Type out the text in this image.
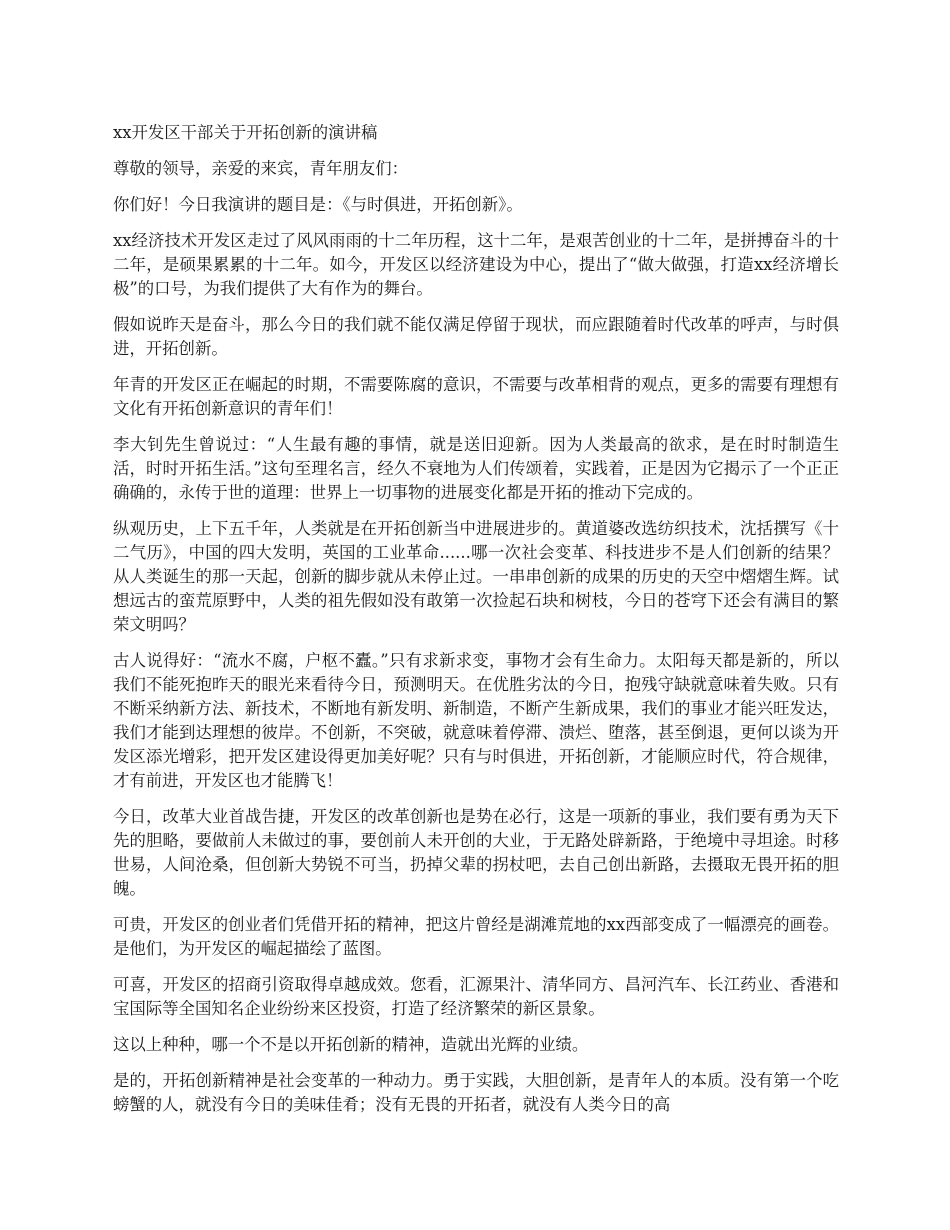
xx开发区干部关于开拓创新的演讲稿

尊敬的领导，亲爱的来宾，青年朋友们：

你们好！今日我演讲的题目是：《与时俱进，开拓创新》。

xx经济技术开发区走过了风风雨雨的十二年历程，这十二年，是艰苦创业的十二年，是拼搏奋斗的十二年，是硕果累累的十二年。如今，开发区以经济建设为中心，提出了“做大做强，打造xx经济增长极”的口号，为我们提供了大有作为的舞台。

假如说昨天是奋斗，那么今日的我们就不能仅满足停留于现状，而应跟随着时代改革的呼声，与时俱进，开拓创新。

年青的开发区正在崛起的时期，不需要陈腐的意识，不需要与改革相背的观点，更多的需要有理想有文化有开拓创新意识的青年们！

李大钊先生曾说过：“人生最有趣的事情，就是送旧迎新。因为人类最高的欲求，是在时时制造生活，时时开拓生活。”这句至理名言，经久不衰地为人们传颂着，实践着，正是因为它揭示了一个正正确确的，永传于世的道理：世界上一切事物的进展变化都是开拓的推动下完成的。

纵观历史，上下五千年，人类就是在开拓创新当中进展进步的。黄道婆改选纺织技术，沈括撰写《十二气历》，中国的四大发明，英国的工业革命......哪一次社会变革、科技进步不是人们创新的结果？从人类诞生的那一天起，创新的脚步就从未停止过。一串串创新的成果的历史的天空中熠熠生辉。试想远古的蛮荒原野中，人类的祖先假如没有敢第一次捡起石块和树枝，今日的苍穹下还会有满目的繁荣文明吗？

古人说得好：“流水不腐，户枢不蠹。”只有求新求变，事物才会有生命力。太阳每天都是新的，所以我们不能死抱昨天的眼光来看待今日，预测明天。在优胜劣汰的今日，抱残守缺就意味着失败。只有不断采纳新方法、新技术，不断地有新发明、新制造，不断产生新成果，我们的事业才能兴旺发达，我们才能到达理想的彼岸。不创新，不突破，就意味着停滞、溃烂、堕落，甚至倒退，更何以谈为开发区添光增彩，把开发区建设得更加美好呢？只有与时俱进，开拓创新，才能顺应时代，符合规律，才有前进，开发区也才能腾飞！

今日，改革大业首战告捷，开发区的改革创新也是势在必行，这是一项新的事业，我们要有勇为天下先的胆略，要做前人未做过的事，要创前人未开创的大业，于无路处辟新路，于绝境中寻坦途。时移世易，人间沧桑，但创新大势锐不可当，扔掉父辈的拐杖吧，去自己创出新路，去摄取无畏开拓的胆魄。

可贵，开发区的创业者们凭借开拓的精神，把这片曾经是湖滩荒地的xx西部变成了一幅漂亮的画卷。是他们，为开发区的崛起描绘了蓝图。

可喜，开发区的招商引资取得卓越成效。您看，汇源果汁、清华同方、昌河汽车、长江药业、香港和宝国际等全国知名企业纷纷来区投资，打造了经济繁荣的新区景象。

这以上种种，哪一个不是以开拓创新的精神，造就出光辉的业绩。

是的，开拓创新精神是社会变革的一种动力。勇于实践，大胆创新，是青年人的本质。没有第一个吃螃蟹的人，就没有今日的美味佳肴；没有无畏的开拓者，就没有人类今日的高
